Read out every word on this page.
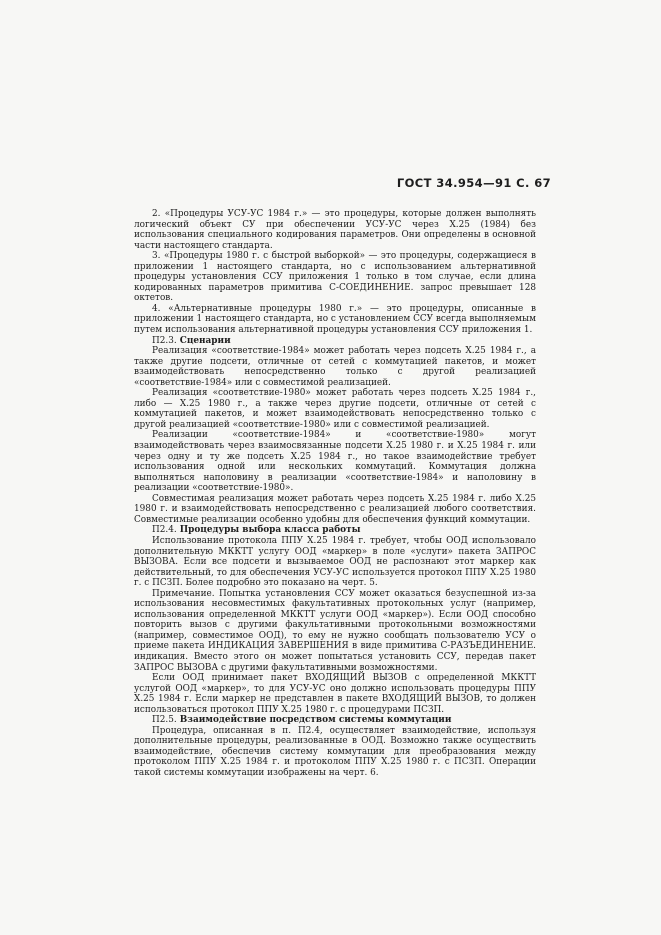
ГОСТ 34.954—91 С. 67

2. «Процедуры УСУ-УС 1984 г.» — это процедуры, которые должен выполнять логический объект СУ при обеспечении УСУ-УС через Х.25 (1984) без использования специального кодирования параметров. Они определены в основной части настоящего стандарта.

3. «Процедуры 1980 г. с быстрой выборкой» — это процедуры, содержащиеся в приложении 1 настоящего стандарта, но с использованием альтернативной процедуры установления ССУ приложения 1 только в том случае, если длина кодированных параметров примитива С-СОЕДИНЕНИЕ. запрос превышает 128 октетов.

4. «Альтернативные процедуры 1980 г.» — это процедуры, описанные в приложении 1 настоящего стандарта, но с установлением ССУ всегда выполняемым путем использования альтернативной процедуры установления ССУ приложения 1.

П2.3. Сценарии

Реализация «соответствие-1984» может работать через подсеть Х.25 1984 г., а также другие подсети, отличные от сетей с коммутацией пакетов, и может взаимодействовать непосредственно только с другой реализацией «соответствие-1984» или с совместимой реализацией.

Реализация «соответствие-1980» может работать через подсеть Х.25 1984 г., либо — Х.25 1980 г., а также через другие подсети, отличные от сетей с коммутацией пакетов, и может взаимодействовать непосредственно только с другой реализацией «соответствие-1980» или с совместимой реализацией.

Реализации «соответствие-1984» и «соответствие-1980» могут взаимодействовать через взаимосвязанные подсети Х.25 1980 г. и Х.25 1984 г. или через одну и ту же подсеть Х.25 1984 г., но такое взаимодействие требует использования одной или нескольких коммутаций. Коммутация должна выполняться наполовину в реализации «соответствие-1984» и наполовину в реализации «соответствие-1980».

Совместимая реализация может работать через подсеть Х.25 1984 г. либо Х.25 1980 г. и взаимодействовать непосредственно с реализацией любого соответствия. Совместимые реализации особенно удобны для обеспечения функций коммутации.

П2.4. Процедуры выбора класса работы

Использование протокола ППУ Х.25 1984 г. требует, чтобы ООД использовало дополнительную МККТТ услугу ООД «маркер» в поле «услуги» пакета ЗАПРОС ВЫЗОВА. Если все подсети и вызываемое ООД не распознают этот маркер как действительный, то для обеспечения УСУ-УС используется протокол ППУ Х.25 1980 г. с ПСЗП. Более подробно это показано на черт. 5.

Примечание. Попытка установления ССУ может оказаться безуспешной из-за использования несовместимых факультативных протокольных услуг (например, использования определенной МККТТ услуги ООД «маркер»). Если ООД способно повторить вызов с другими факультативными протокольными возможностями (например, совместимое ООД), то ему не нужно сообщать пользователю УСУ о приеме пакета ИНДИКАЦИЯ ЗАВЕРШЕНИЯ в виде примитива С-РАЗЪЕДИНЕНИЕ. индикация. Вместо этого он может попытаться установить ССУ, передав пакет ЗАПРОС ВЫЗОВА с другими факультативными возможностями.

Если ООД принимает пакет ВХОДЯЩИЙ ВЫЗОВ с определенной МККТТ услугой ООД «маркер», то для УСУ-УС оно должно использовать процедуры ППУ Х.25 1984 г. Если маркер не представлен в пакете ВХОДЯЩИЙ ВЫЗОВ, то должен использоваться протокол ППУ Х.25 1980 г. с процедурами ПСЗП.

П2.5. Взаимодействие посредством системы коммутации

Процедура, описанная в п. П2.4, осуществляет взаимодействие, используя дополнительные процедуры, реализованные в ООД. Возможно также осуществить взаимодействие, обеспечив систему коммутации для преобразования между протоколом ППУ Х.25 1984 г. и протоколом ППУ Х.25 1980 г. с ПСЗП. Операции такой системы коммутации изображены на черт. 6.
